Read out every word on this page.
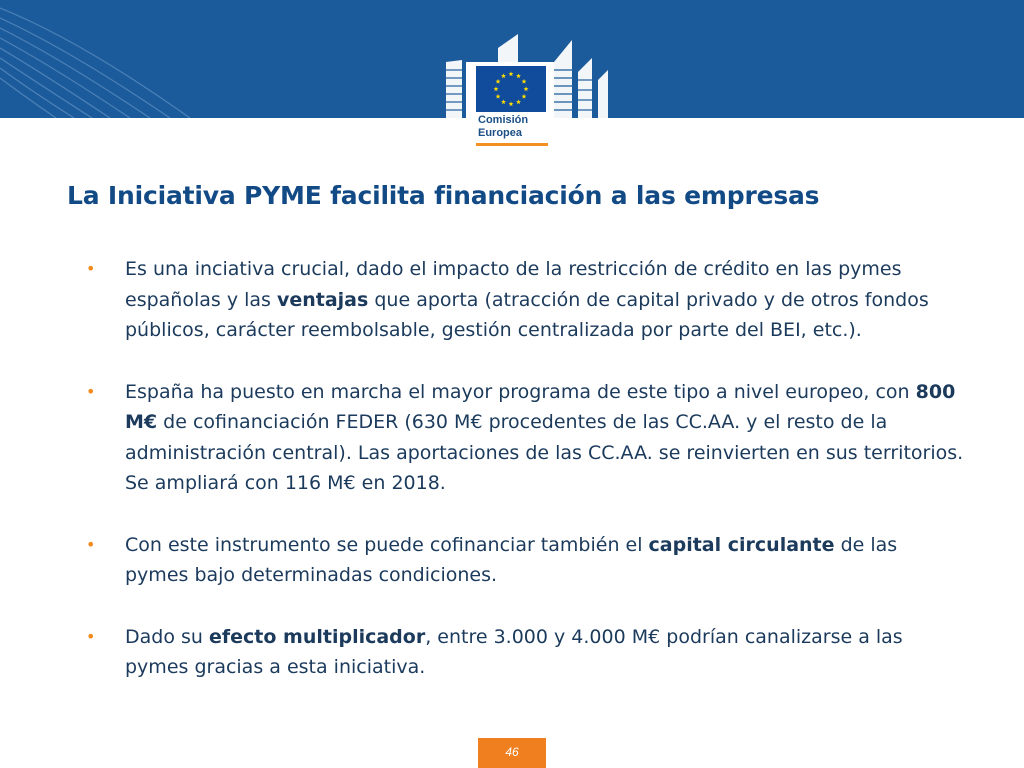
Comisión
Europea
La Iniciativa PYME facilita financiación a las empresas
• Es una inciativa crucial, dado el impacto de la restricción de crédito en las pymes españolas y las ventajas que aporta (atracción de capital privado y de otros fondos públicos, carácter reembolsable, gestión centralizada por parte del BEI, etc.).
• España ha puesto en marcha el mayor programa de este tipo a nivel europeo, con 800 M€ de cofinanciación FEDER (630 M€ procedentes de las CC.AA. y el resto de la administración central). Las aportaciones de las CC.AA. se reinvierten en sus territorios. Se ampliará con 116 M€ en 2018.
• Con este instrumento se puede cofinanciar también el capital circulante de las pymes bajo determinadas condiciones.
• Dado su efecto multiplicador, entre 3.000 y 4.000 M€ podrían canalizarse a las pymes gracias a esta iniciativa.
46
